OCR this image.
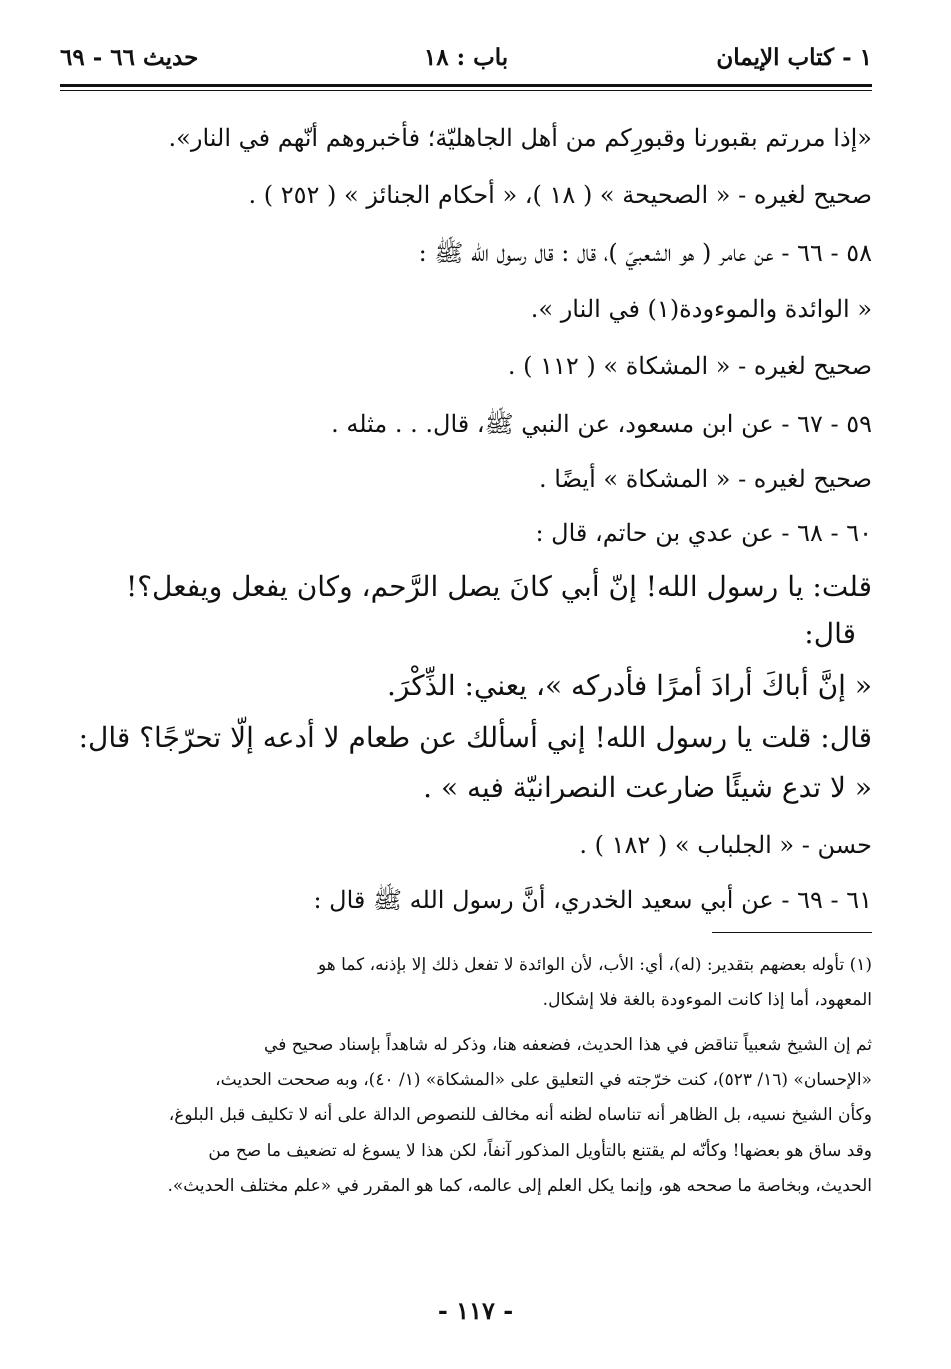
١ - كتاب الإيمان
باب : ١٨
حديث ٦٦ - ٦٩
«إذا مررتم بقبورنا وقبورِكم من أهل الجاهليّة؛ فأخبروهم أنّهم في النار».
صحيح لغيره - « الصحيحة » ( ١٨ )، « أحكام الجنائز » ( ٢٥٢ ) .
٥٨ - ٦٦ - عن عامر ( هو الشعبيّ )، قال : قال رسول الله ﷺ :
« الوائدة والموءودة(١) في النار ».
صحيح لغيره - « المشكاة » ( ١١٢ ) .
٥٩ - ٦٧ - عن ابن مسعود، عن النبي ﷺ، قال. . . مثله .
صحيح لغيره - « المشكاة » أيضًا .
٦٠ - ٦٨ - عن عدي بن حاتم، قال :
قلت: يا رسول الله! إنّ أبي كانَ يصل الرَّحم، وكان يفعل ويفعل؟!
قال:
« إنَّ أباكَ أرادَ أمرًا فأدركه »، يعني: الذِّكْرَ.
قال: قلت يا رسول الله! إني أسألك عن طعام لا أدعه إلّا تحرّجًا؟ قال:
« لا تدع شيئًا ضارعت النصرانيّة فيه » .
حسن - « الجلباب » ( ١٨٢ ) .
٦١ - ٦٩ - عن أبي سعيد الخدري، أنَّ رسول الله ﷺ قال :
(١) تأوله بعضهم بتقدير: (له)، أي: الأب، لأن الوائدة لا تفعل ذلك إلا بإذنه، كما هو
المعهود، أما إذا كانت الموءودة بالغة فلا إشكال.
ثم إن الشيخ شعبياً تناقض في هذا الحديث، فضعفه هنا، وذكر له شاهداً بإسناد صحيح في
«الإحسان» (١٦/ ٥٢٣)، كنت خرّجته في التعليق على «المشكاة» (١/ ٤٠)، وبه صححت الحديث،
وكأن الشيخ نسيه، بل الظاهر أنه تناساه لظنه أنه مخالف للنصوص الدالة على أنه لا تكليف قبل البلوغ،
وقد ساق هو بعضها! وكأنّه لم يقتنع بالتأويل المذكور آنفاً، لكن هذا لا يسوغ له تضعيف ما صح من
الحديث، وبخاصة ما صححه هو، وإنما يكل العلم إلى عالمه، كما هو المقرر في «علم مختلف الحديث».
- ١١٧ -
